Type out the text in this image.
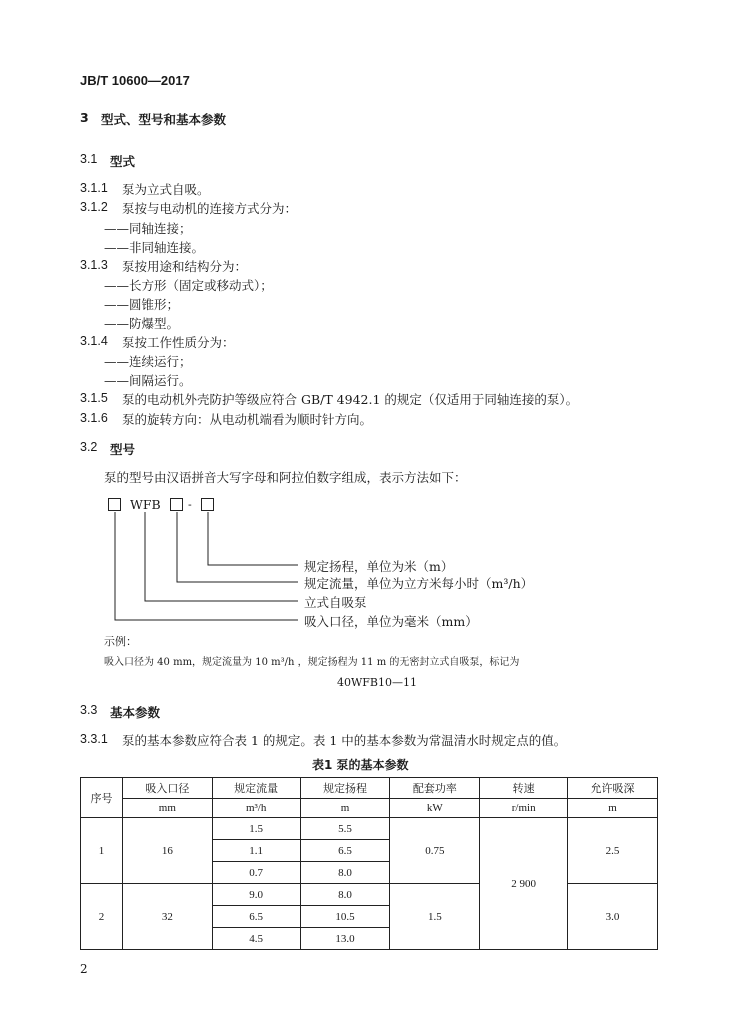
JB/T 10600—2017
3 型式、型号和基本参数
3.1 型式
3.1.1 泵为立式自吸。
3.1.2 泵按与电动机的连接方式分为：
——同轴连接；
——非同轴连接。
3.1.3 泵按用途和结构分为：
——长方形（固定或移动式）；
——圆锥形；
——防爆型。
3.1.4 泵按工作性质分为：
——连续运行；
——间隔运行。
3.1.5 泵的电动机外壳防护等级应符合 GB/T 4942.1 的规定（仅适用于同轴连接的泵）。
3.1.6 泵的旋转方向：从电动机端看为顺时针方向。
3.2 型号
泵的型号由汉语拼音大写字母和阿拉伯数字组成，表示方法如下：
WFB -
规定扬程，单位为米（m）
规定流量，单位为立方米每小时（m³/h）
立式自吸泵
吸入口径，单位为毫米（mm）
示例：
吸入口径为 40 mm，规定流量为 10 m³/h ，规定扬程为 11 m 的无密封立式自吸泵，标记为
40WFB10—11
3.3 基本参数
3.3.1 泵的基本参数应符合表 1 的规定。表 1 中的基本参数为常温清水时规定点的值。
表1 泵的基本参数
序号	吸入口径	规定流量	规定扬程	配套功率	转速	允许吸深
	mm	m³/h	m	kW	r/min	m
1	16	1.5	5.5	0.75	2 900	2.5
		1.1	6.5			
		0.7	8.0			
2	32	9.0	8.0	1.5		3.0
		6.5	10.5			
		4.5	13.0			
2
